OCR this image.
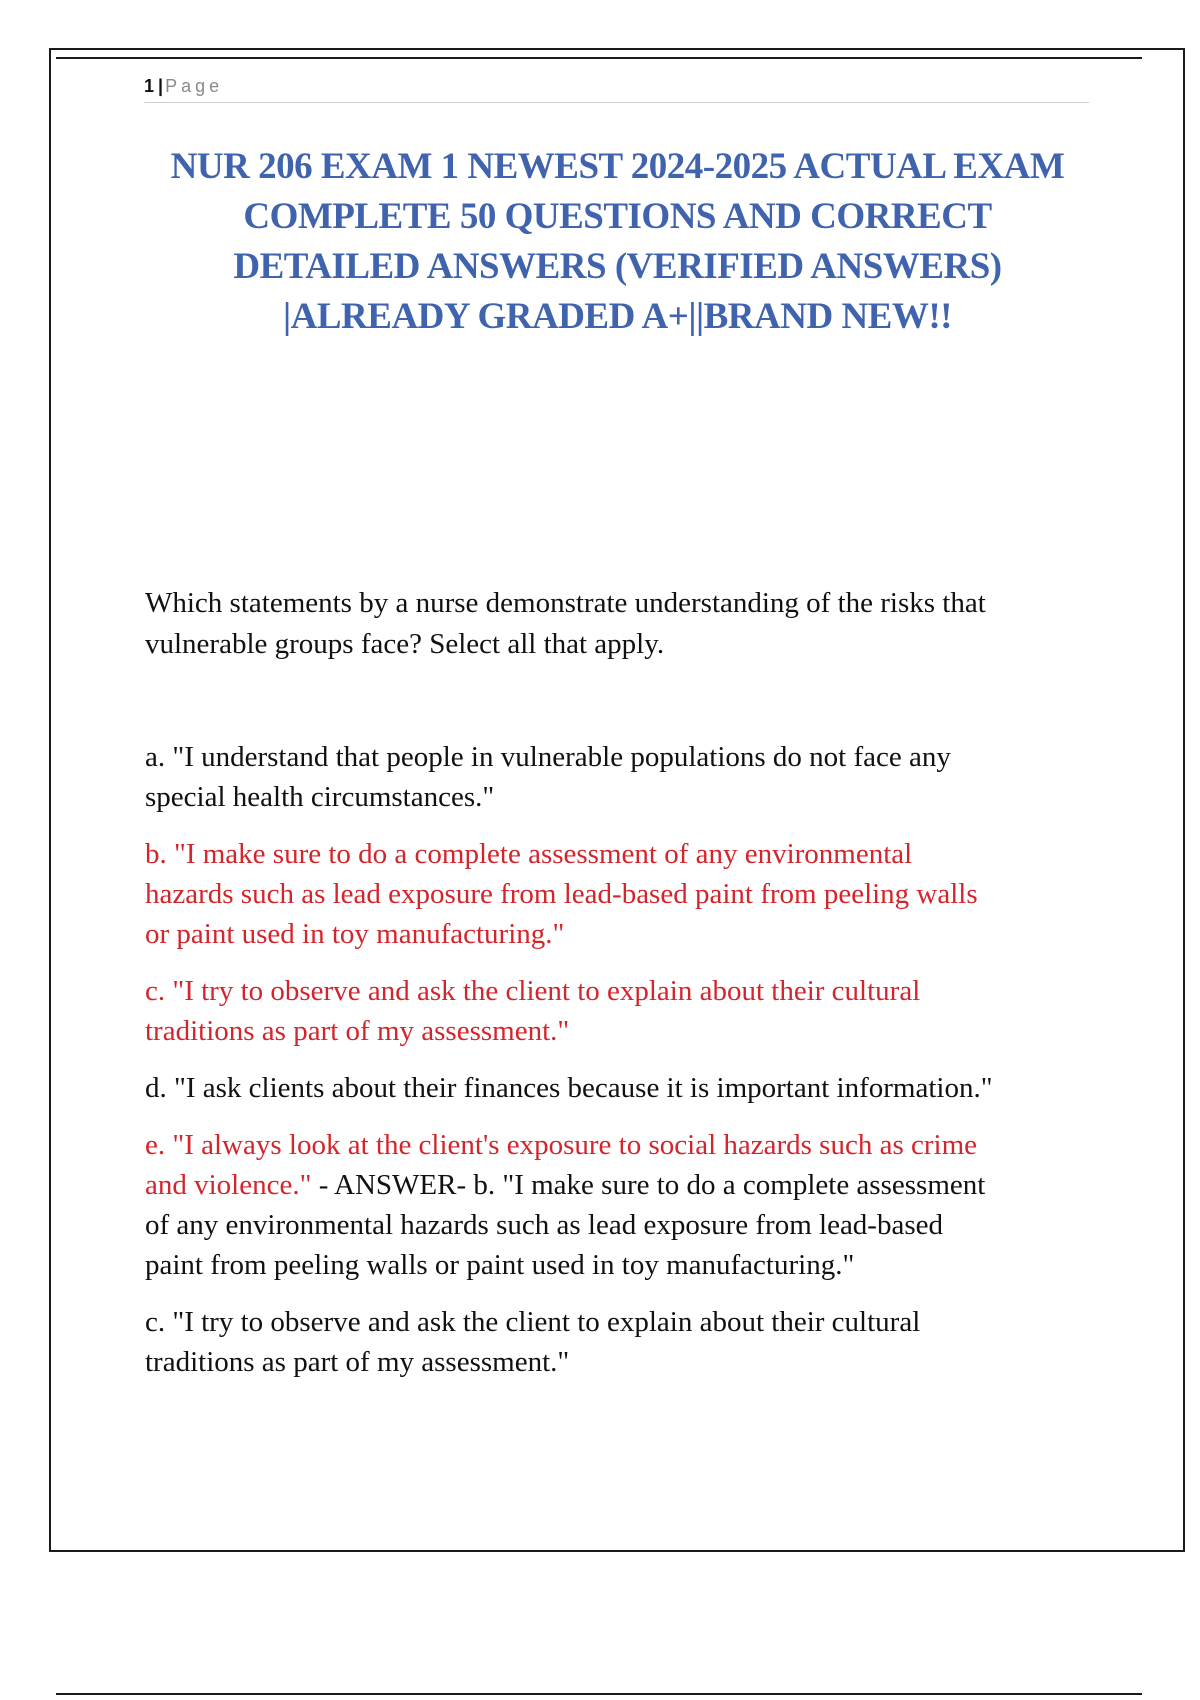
1 | Page
NUR 206 EXAM 1 NEWEST 2024-2025 ACTUAL EXAM
COMPLETE 50 QUESTIONS AND CORRECT
DETAILED ANSWERS (VERIFIED ANSWERS)
|ALREADY GRADED A+||BRAND NEW!!
Which statements by a nurse demonstrate understanding of the risks that
vulnerable groups face? Select all that apply.
a. "I understand that people in vulnerable populations do not face any
special health circumstances."
b. "I make sure to do a complete assessment of any environmental
hazards such as lead exposure from lead-based paint from peeling walls
or paint used in toy manufacturing."
c. "I try to observe and ask the client to explain about their cultural
traditions as part of my assessment."
d. "I ask clients about their finances because it is important information."
e. "I always look at the client's exposure to social hazards such as crime
and violence." - ANSWER- b. "I make sure to do a complete assessment
of any environmental hazards such as lead exposure from lead-based
paint from peeling walls or paint used in toy manufacturing."
c. "I try to observe and ask the client to explain about their cultural
traditions as part of my assessment."
